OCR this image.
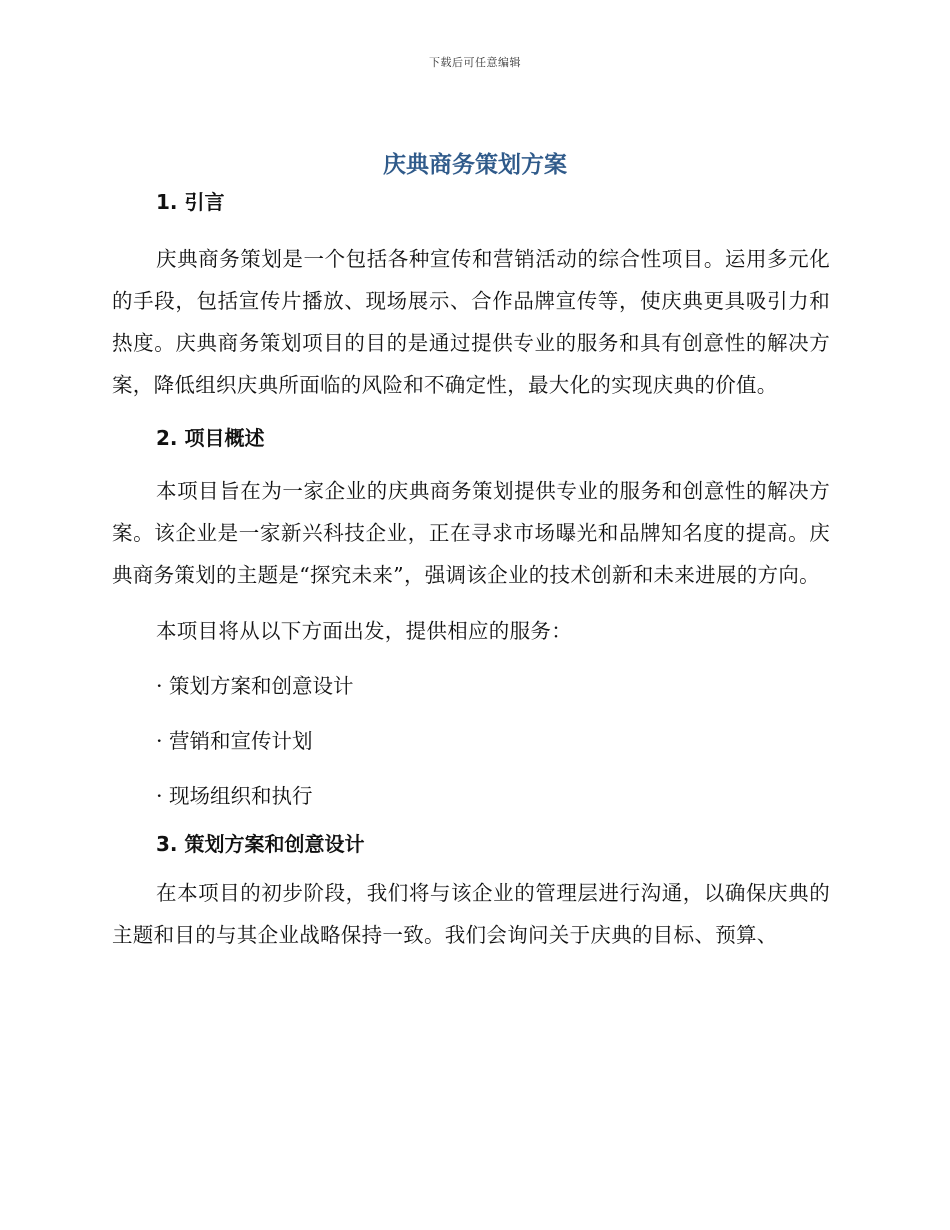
下载后可任意编辑
庆典商务策划方案
1. 引言

庆典商务策划是一个包括各种宣传和营销活动的综合性项目。运用多元化的手段，包括宣传片播放、现场展示、合作品牌宣传等，使庆典更具吸引力和热度。庆典商务策划项目的目的是通过提供专业的服务和具有创意性的解决方案，降低组织庆典所面临的风险和不确定性，最大化的实现庆典的价值。

2. 项目概述

本项目旨在为一家企业的庆典商务策划提供专业的服务和创意性的解决方案。该企业是一家新兴科技企业，正在寻求市场曝光和品牌知名度的提高。庆典商务策划的主题是“探究未来”，强调该企业的技术创新和未来进展的方向。

本项目将从以下方面出发，提供相应的服务：

· 策划方案和创意设计
· 营销和宣传计划
· 现场组织和执行
3. 策划方案和创意设计

在本项目的初步阶段，我们将与该企业的管理层进行沟通，以确保庆典的主题和目的与其企业战略保持一致。我们会询问关于庆典的目标、预算、
